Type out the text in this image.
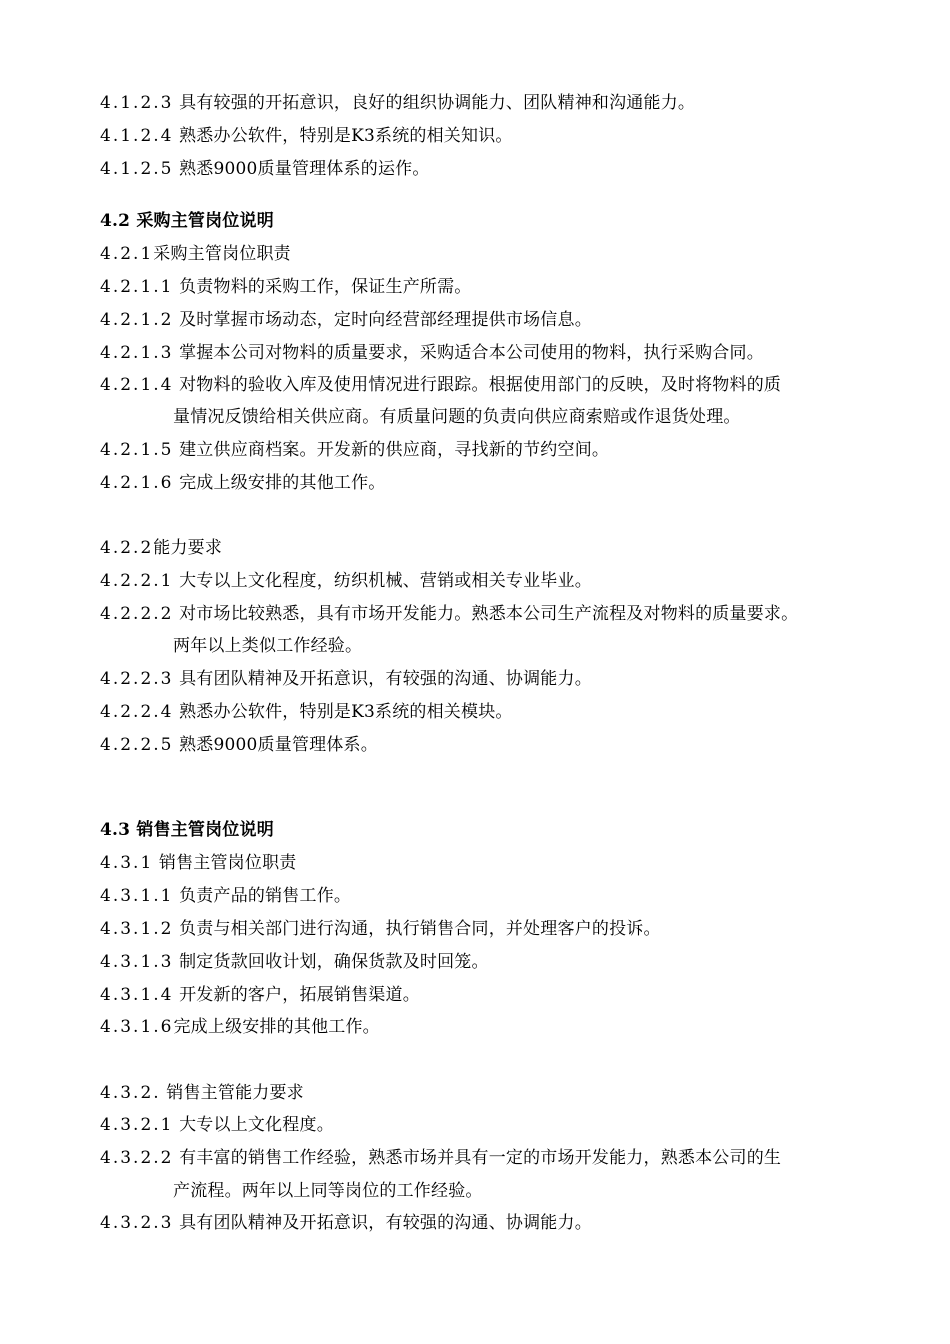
4.1.2.3 具有较强的开拓意识，良好的组织协调能力、团队精神和沟通能力。
4.1.2.4 熟悉办公软件，特别是K3系统的相关知识。
4.1.2.5 熟悉9000质量管理体系的运作。
4.2 采购主管岗位说明
4.2.1采购主管岗位职责
4.2.1.1 负责物料的采购工作，保证生产所需。
4.2.1.2 及时掌握市场动态，定时向经营部经理提供市场信息。
4.2.1.3 掌握本公司对物料的质量要求，采购适合本公司使用的物料，执行采购合同。
4.2.1.4 对物料的验收入库及使用情况进行跟踪。根据使用部门的反映，及时将物料的质
量情况反馈给相关供应商。有质量问题的负责向供应商索赔或作退货处理。
4.2.1.5 建立供应商档案。开发新的供应商，寻找新的节约空间。
4.2.1.6 完成上级安排的其他工作。
4.2.2能力要求
4.2.2.1 大专以上文化程度，纺织机械、营销或相关专业毕业。
4.2.2.2 对市场比较熟悉，具有市场开发能力。熟悉本公司生产流程及对物料的质量要求。
两年以上类似工作经验。
4.2.2.3 具有团队精神及开拓意识，有较强的沟通、协调能力。
4.2.2.4 熟悉办公软件，特别是K3系统的相关模块。
4.2.2.5 熟悉9000质量管理体系。
4.3 销售主管岗位说明
4.3.1 销售主管岗位职责
4.3.1.1 负责产品的销售工作。
4.3.1.2 负责与相关部门进行沟通，执行销售合同，并处理客户的投诉。
4.3.1.3 制定货款回收计划，确保货款及时回笼。
4.3.1.4 开发新的客户，拓展销售渠道。
4.3.1.6完成上级安排的其他工作。
4.3.2. 销售主管能力要求
4.3.2.1 大专以上文化程度。
4.3.2.2 有丰富的销售工作经验，熟悉市场并具有一定的市场开发能力，熟悉本公司的生
产流程。两年以上同等岗位的工作经验。
4.3.2.3 具有团队精神及开拓意识，有较强的沟通、协调能力。
